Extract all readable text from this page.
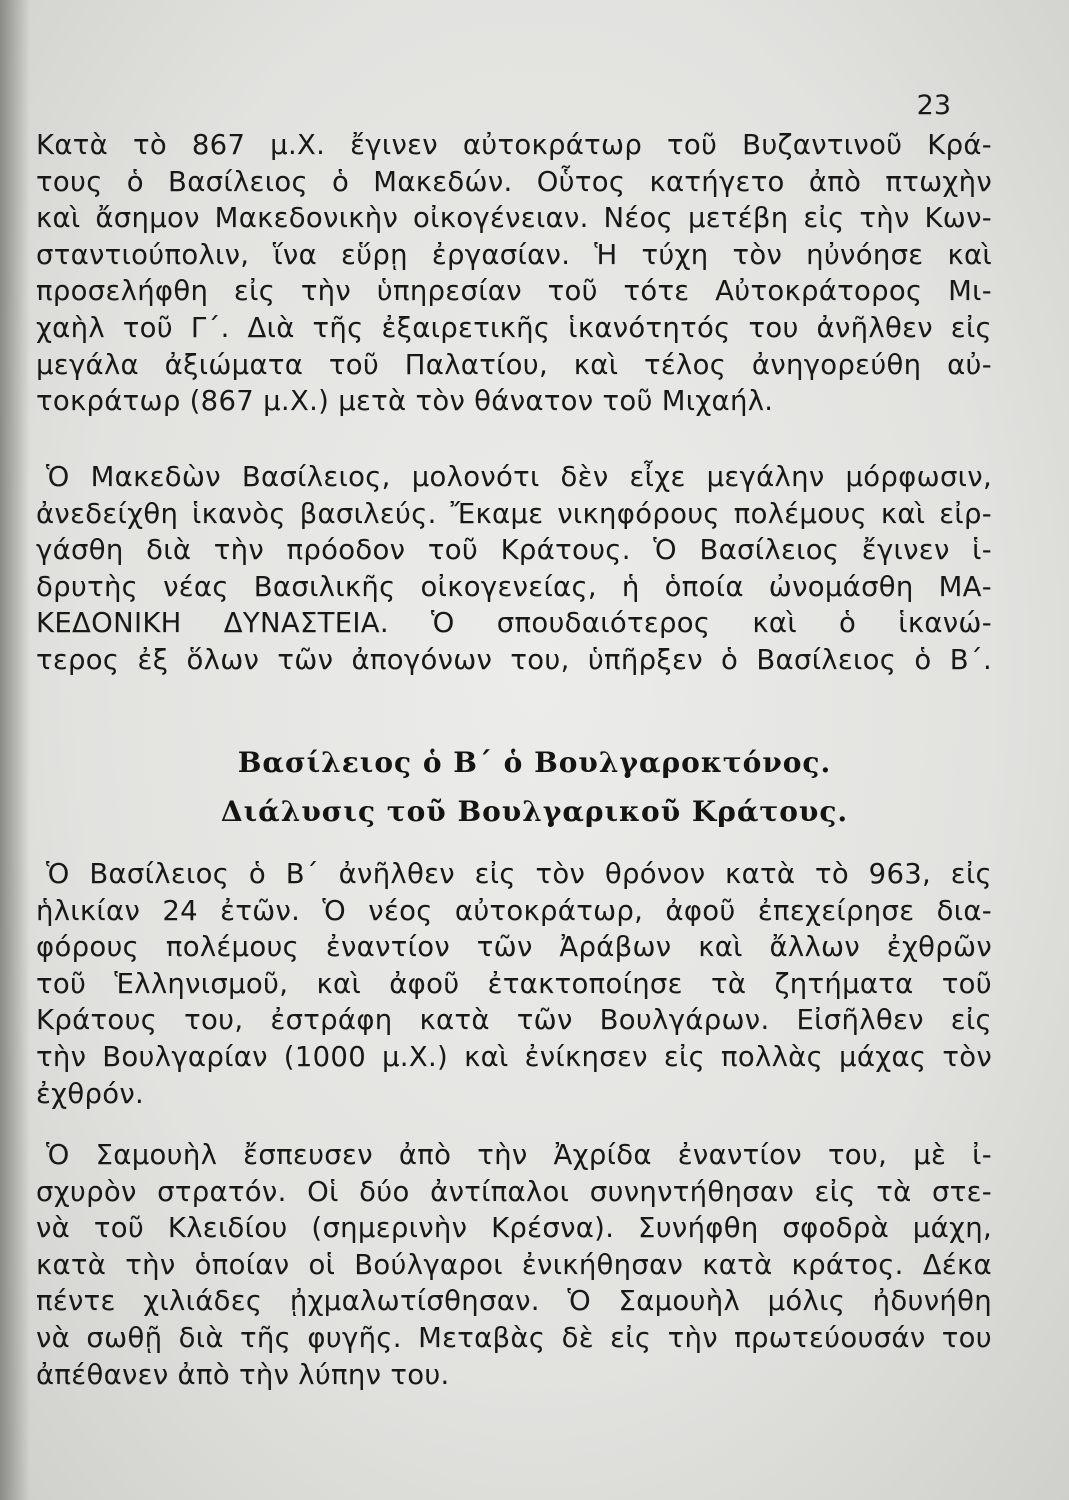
23
Κατὰ τὸ 867 μ.Χ. ἔγινεν αὐτοκράτωρ τοῦ Βυζαντινοῦ Κρά-
τους ὁ Βασίλειος ὁ Μακεδών. Οὗτος κατήγετο ἀπὸ πτωχὴν
καὶ ἄσημον Μακεδονικὴν οἰκογένειαν. Νέος μετέβη εἰς τὴν Κων-
σταντιούπολιν, ἵνα εὕρῃ ἐργασίαν. Ἡ τύχη τὸν ηὐνόησε καὶ
προσελήφθη εἰς τὴν ὑπηρεσίαν τοῦ τότε Αὐτοκράτορος Μι-
χαὴλ τοῦ Γ΄. Διὰ τῆς ἐξαιρετικῆς ἱκανότητός του ἀνῆλθεν εἰς
μεγάλα ἀξιώματα τοῦ Παλατίου, καὶ τέλος ἀνηγορεύθη αὐ-
τοκράτωρ (867 μ.Χ.) μετὰ τὸν θάνατον τοῦ Μιχαήλ.
Ὁ Μακεδὼν Βασίλειος, μολονότι δὲν εἶχε μεγάλην μόρφωσιν,
ἀνεδείχθη ἱκανὸς βασιλεύς. Ἔκαμε νικηφόρους πολέμους καὶ εἰρ-
γάσθη διὰ τὴν πρόοδον τοῦ Κράτους. Ὁ Βασίλειος ἔγινεν ἱ-
δρυτὴς νέας Βασιλικῆς οἰκογενείας, ἡ ὁποία ὠνομάσθη ΜΑ-
ΚΕΔΟΝΙΚΗ ΔΥΝΑΣΤΕΙΑ. Ὁ σπουδαιότερος καὶ ὁ ἱκανώ-
τερος ἐξ ὅλων τῶν ἀπογόνων του, ὑπῆρξεν ὁ Βασίλειος ὁ Β΄.
Βασίλειος ὁ Β΄ ὁ Βουλγαροκτόνος.
Διάλυσις τοῦ Βουλγαρικοῦ Κράτους.
Ὁ Βασίλειος ὁ Β΄ ἀνῆλθεν εἰς τὸν θρόνον κατὰ τὸ 963, εἰς
ἡλικίαν 24 ἐτῶν. Ὁ νέος αὐτοκράτωρ, ἀφοῦ ἐπεχείρησε δια-
φόρους πολέμους ἐναντίον τῶν Ἀράβων καὶ ἄλλων ἐχθρῶν
τοῦ Ἑλληνισμοῦ, καὶ ἀφοῦ ἐτακτοποίησε τὰ ζητήματα τοῦ
Κράτους του, ἐστράφη κατὰ τῶν Βουλγάρων. Εἰσῆλθεν εἰς
τὴν Βουλγαρίαν (1000 μ.Χ.) καὶ ἐνίκησεν εἰς πολλὰς μάχας τὸν
ἐχθρόν.
Ὁ Σαμουὴλ ἔσπευσεν ἀπὸ τὴν Ἀχρίδα ἐναντίον του, μὲ ἰ-
σχυρὸν στρατόν. Οἱ δύο ἀντίπαλοι συνηντήθησαν εἰς τὰ στε-
νὰ τοῦ Κλειδίου (σημερινὴν Κρέσνα). Συνήφθη σφοδρὰ μάχη,
κατὰ τὴν ὁποίαν οἱ Βούλγαροι ἐνικήθησαν κατὰ κράτος. Δέκα
πέντε χιλιάδες ᾐχμαλωτίσθησαν. Ὁ Σαμουὴλ μόλις ἠδυνήθη
νὰ σωθῇ διὰ τῆς φυγῆς. Μεταβὰς δὲ εἰς τὴν πρωτεύουσάν του
ἀπέθανεν ἀπὸ τὴν λύπην του.
